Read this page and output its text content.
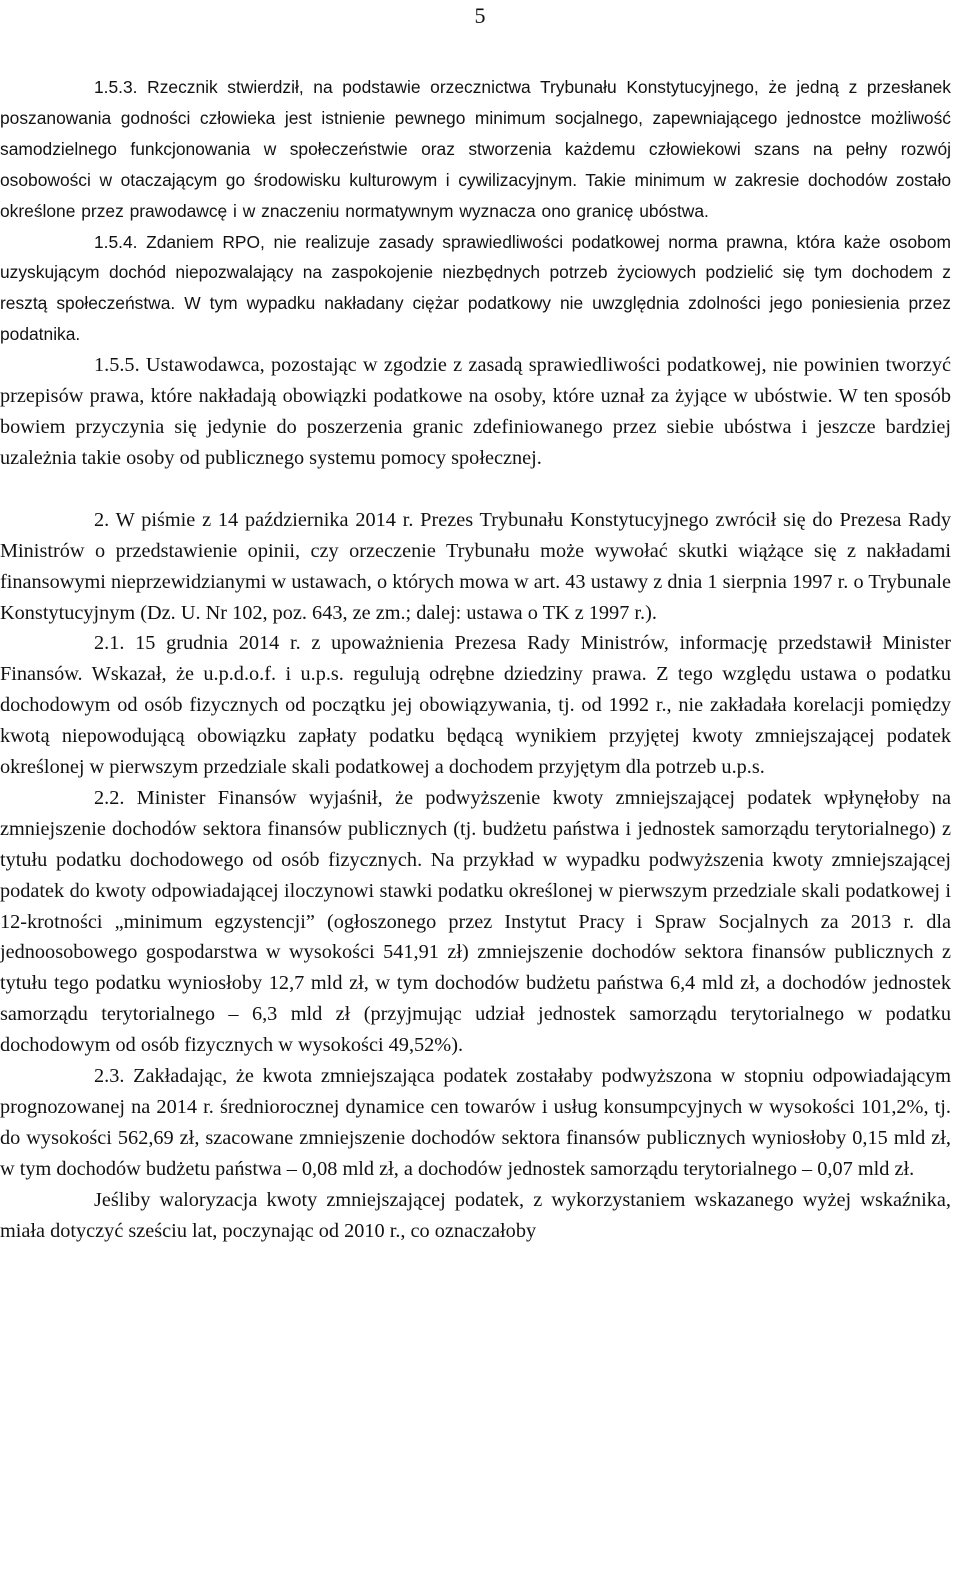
5

1.5.3. Rzecznik stwierdził, na podstawie orzecznictwa Trybunału Konstytucyjnego, że jedną z przesłanek poszanowania godności człowieka jest istnienie pewnego minimum socjalnego, zapewniającego jednostce możliwość samodzielnego funkcjonowania w społeczeństwie oraz stworzenia każdemu człowiekowi szans na pełny rozwój osobowości w otaczającym go środowisku kulturowym i cywilizacyjnym. Takie minimum w zakresie dochodów zostało określone przez prawodawcę i w znaczeniu normatywnym wyznacza ono granicę ubóstwa.

1.5.4. Zdaniem RPO, nie realizuje zasady sprawiedliwości podatkowej norma prawna, która każe osobom uzyskującym dochód niepozwalający na zaspokojenie niezbędnych potrzeb życiowych podzielić się tym dochodem z resztą społeczeństwa. W tym wypadku nakładany ciężar podatkowy nie uwzględnia zdolności jego poniesienia przez podatnika.

1.5.5. Ustawodawca, pozostając w zgodzie z zasadą sprawiedliwości podatkowej, nie powinien tworzyć przepisów prawa, które nakładają obowiązki podatkowe na osoby, które uznał za żyjące w ubóstwie. W ten sposób bowiem przyczynia się jedynie do poszerzenia granic zdefiniowanego przez siebie ubóstwa i jeszcze bardziej uzależnia takie osoby od publicznego systemu pomocy społecznej.

2. W piśmie z 14 października 2014 r. Prezes Trybunału Konstytucyjnego zwrócił się do Prezesa Rady Ministrów o przedstawienie opinii, czy orzeczenie Trybunału może wywołać skutki wiążące się z nakładami finansowymi nieprzewidzianymi w ustawach, o których mowa w art. 43 ustawy z dnia 1 sierpnia 1997 r. o Trybunale Konstytucyjnym (Dz. U. Nr 102, poz. 643, ze zm.; dalej: ustawa o TK z 1997 r.).

2.1. 15 grudnia 2014 r. z upoważnienia Prezesa Rady Ministrów, informację przedstawił Minister Finansów. Wskazał, że u.p.d.o.f. i u.p.s. regulują odrębne dziedziny prawa. Z tego względu ustawa o podatku dochodowym od osób fizycznych od początku jej obowiązywania, tj. od 1992 r., nie zakładała korelacji pomiędzy kwotą niepowodującą obowiązku zapłaty podatku będącą wynikiem przyjętej kwoty zmniejszającej podatek określonej w pierwszym przedziale skali podatkowej a dochodem przyjętym dla potrzeb u.p.s.

2.2. Minister Finansów wyjaśnił, że podwyższenie kwoty zmniejszającej podatek wpłynęłoby na zmniejszenie dochodów sektora finansów publicznych (tj. budżetu państwa i jednostek samorządu terytorialnego) z tytułu podatku dochodowego od osób fizycznych. Na przykład w wypadku podwyższenia kwoty zmniejszającej podatek do kwoty odpowiadającej iloczynowi stawki podatku określonej w pierwszym przedziale skali podatkowej i 12-krotności „minimum egzystencji” (ogłoszonego przez Instytut Pracy i Spraw Socjalnych za 2013 r. dla jednoosobowego gospodarstwa w wysokości 541,91 zł) zmniejszenie dochodów sektora finansów publicznych z tytułu tego podatku wyniosłoby 12,7 mld zł, w tym dochodów budżetu państwa 6,4 mld zł, a dochodów jednostek samorządu terytorialnego – 6,3 mld zł (przyjmując udział jednostek samorządu terytorialnego w podatku dochodowym od osób fizycznych w wysokości 49,52%).

2.3. Zakładając, że kwota zmniejszająca podatek zostałaby podwyższona w stopniu odpowiadającym prognozowanej na 2014 r. średniorocznej dynamice cen towarów i usług konsumpcyjnych w wysokości 101,2%, tj. do wysokości 562,69 zł, szacowane zmniejszenie dochodów sektora finansów publicznych wyniosłoby 0,15 mld zł, w tym dochodów budżetu państwa – 0,08 mld zł, a dochodów jednostek samorządu terytorialnego – 0,07 mld zł.

Jeśliby waloryzacja kwoty zmniejszającej podatek, z wykorzystaniem wskazanego wyżej wskaźnika, miała dotyczyć sześciu lat, poczynając od 2010 r., co oznaczałoby
